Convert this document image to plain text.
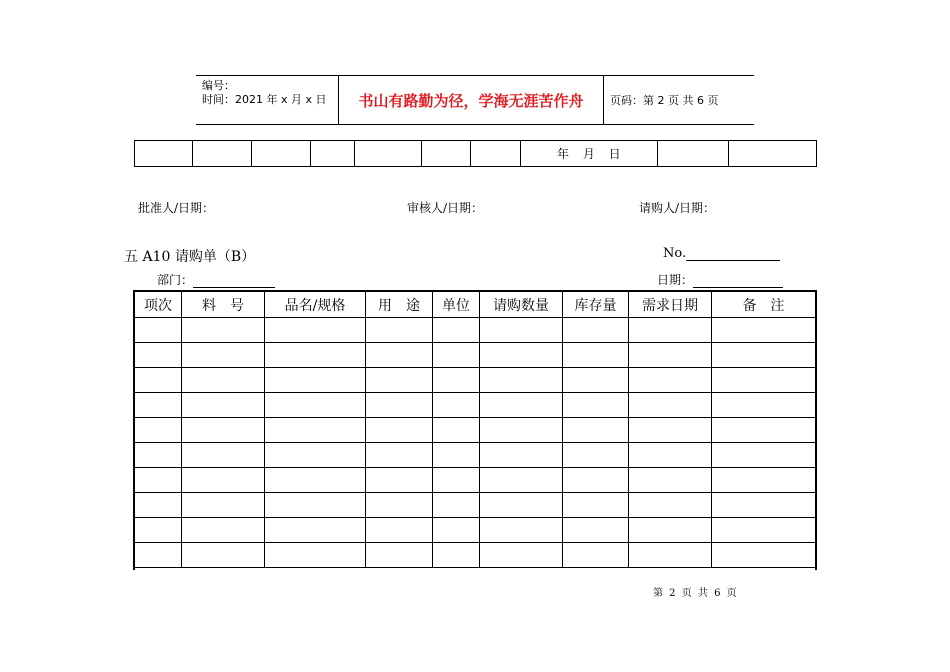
编号：
时间：2021 年 x 月 x 日	书山有路勤为径，学海无涯苦作舟	页码：第 2 页 共 6 页
							年 月 日		
批准人/日期：	审核人/日期：	请购人/日期：
五 A10 请购单（B）	No.
部门：	日期：
项次	料　号	品名/规格	用　途	单位	请购数量	库存量	需求日期	备　注

第 2 页 共 6 页
